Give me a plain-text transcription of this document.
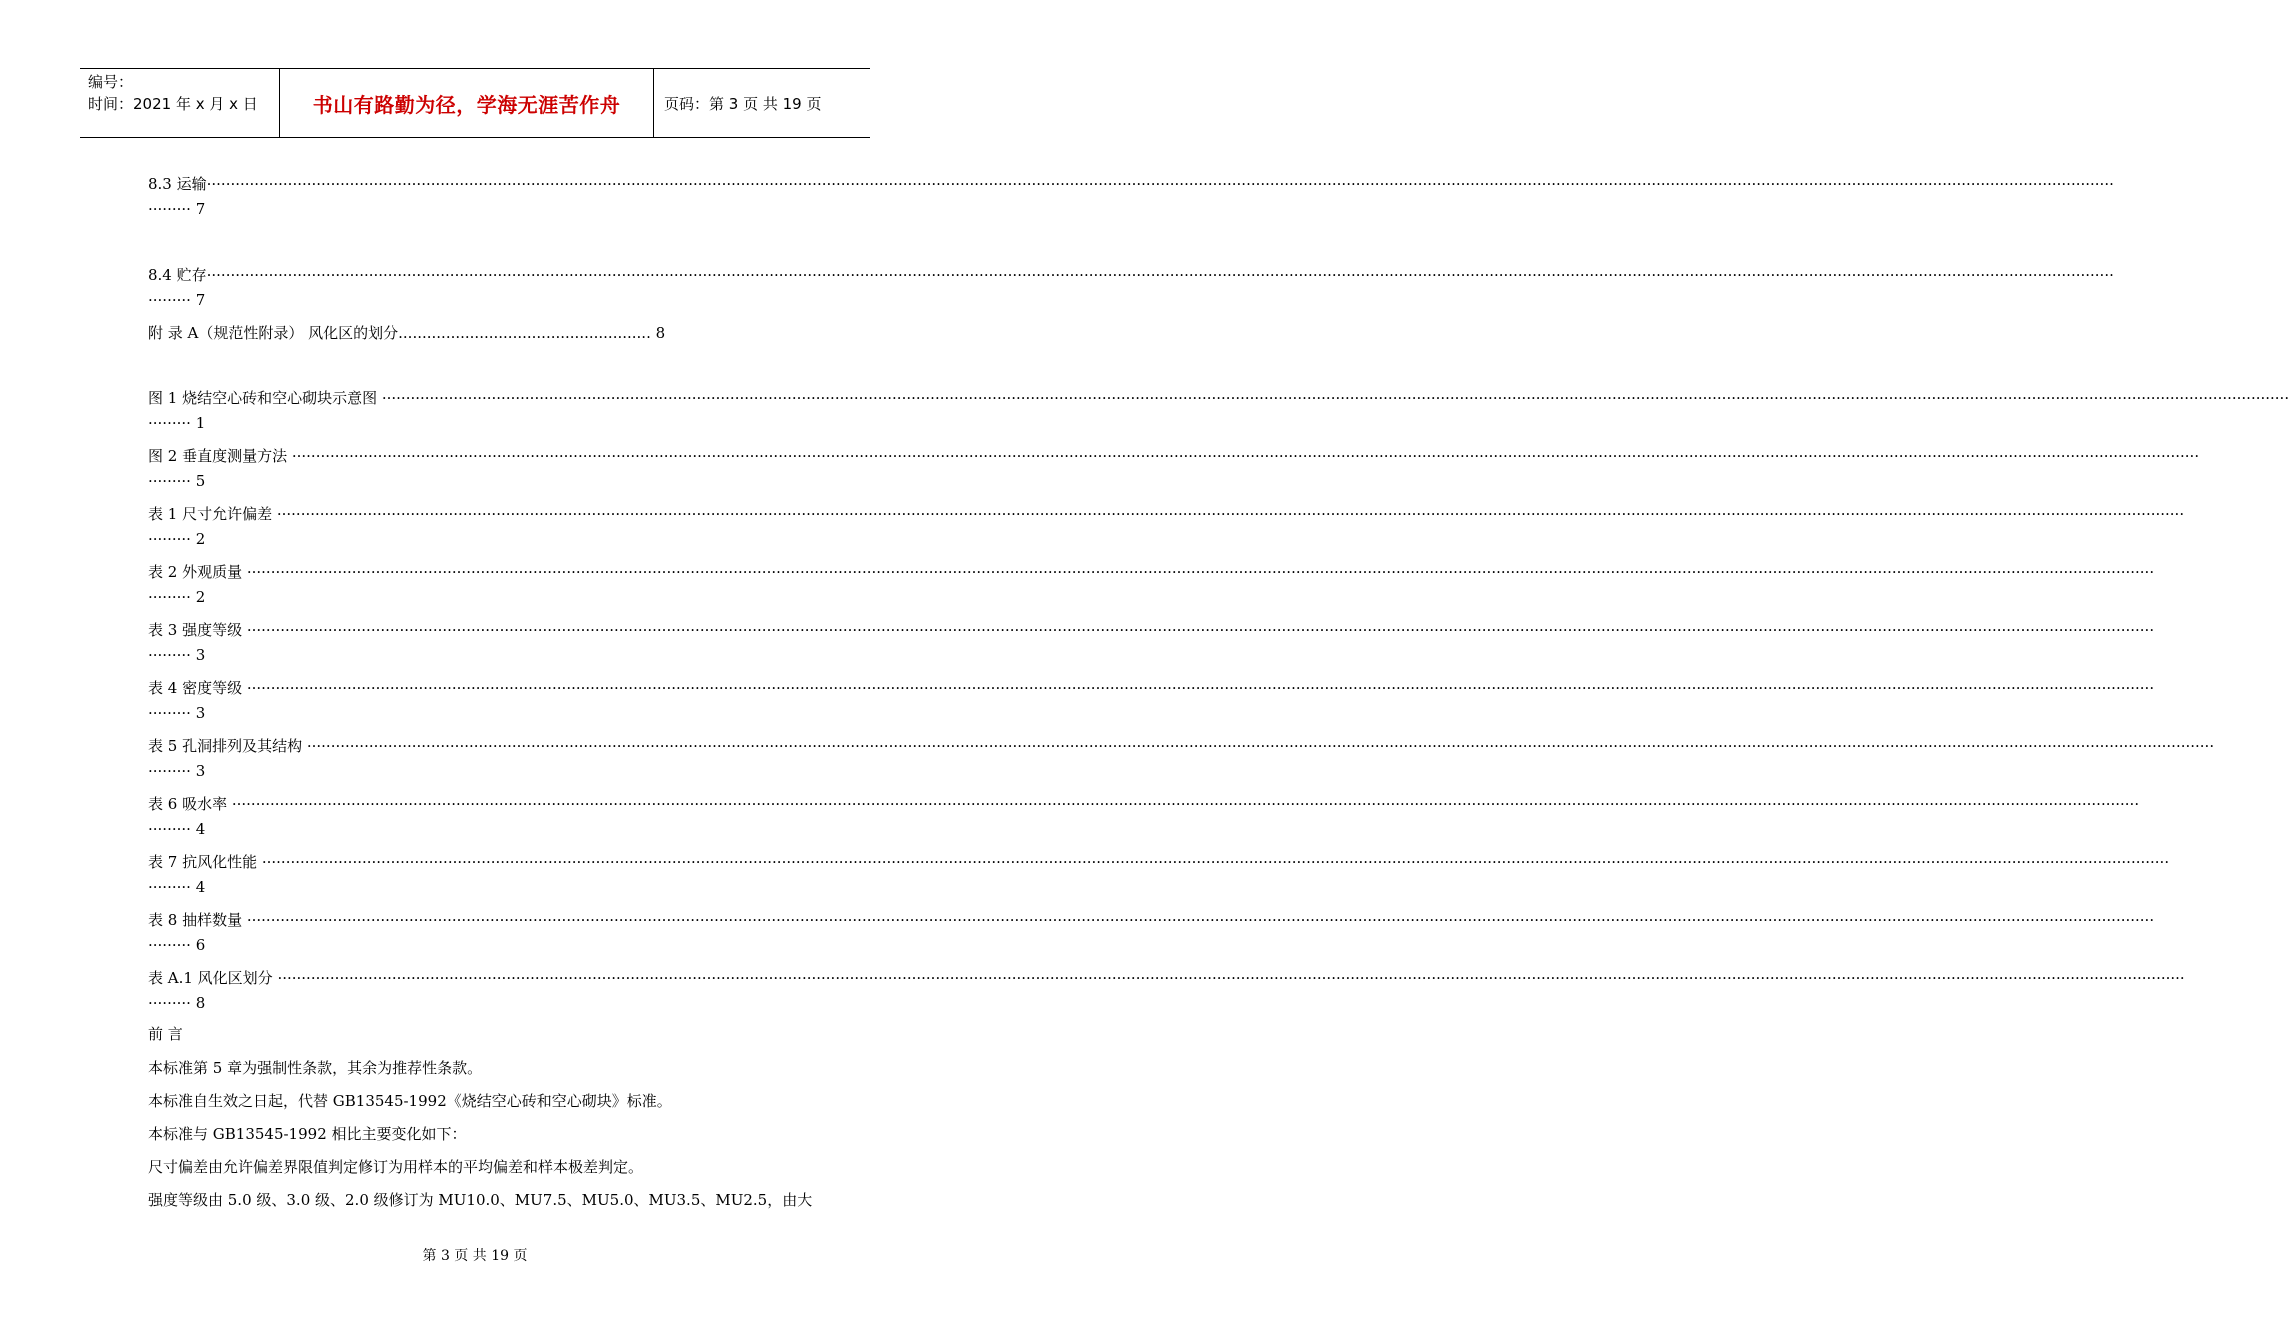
编号：
时间：2021 年 x 月 x 日	书山有路勤为径，学海无涯苦作舟	页码：第 3 页 共 19 页
8.3 运输················································································································································································································································································································································································································
········· 7
8.4 贮存················································································································································································································································································································································································································
········· 7
图 1 烧结空心砖和空心砌块示意图 ················································································································································································································································································································································································································
········· 1
图 2 垂直度测量方法 ················································································································································································································································································································································································································
········· 5
表 1 尺寸允许偏差 ················································································································································································································································································································································································································
········· 2
表 2 外观质量 ················································································································································································································································································································································································································
········· 2
表 3 强度等级 ················································································································································································································································································································································································································
········· 3
表 4 密度等级 ················································································································································································································································································································································································································
········· 3
表 5 孔洞排列及其结构 ················································································································································································································································································································································································································
········· 3
表 6 吸水率 ················································································································································································································································································································································································································
········· 4
表 7 抗风化性能 ················································································································································································································································································································································································································
········· 4
表 8 抽样数量 ················································································································································································································································································································································································································
········· 6
表 A.1 风化区划分 ················································································································································································································································································································································································································
········· 8
附 录 A（规范性附录） 风化区的划分..................................................... 8
前 言
本标准第 5 章为强制性条款，其余为推荐性条款。
本标准自生效之日起，代替 GB13545-1992《烧结空心砖和空心砌块》标准。
本标准与 GB13545-1992 相比主要变化如下：
尺寸偏差由允许偏差界限值判定修订为用样本的平均偏差和样本极差判定。
强度等级由 5.0 级、3.0 级、2.0 级修订为 MU10.0、MU7.5、MU5.0、MU3.5、MU2.5，由大
第 3 页 共 19 页
